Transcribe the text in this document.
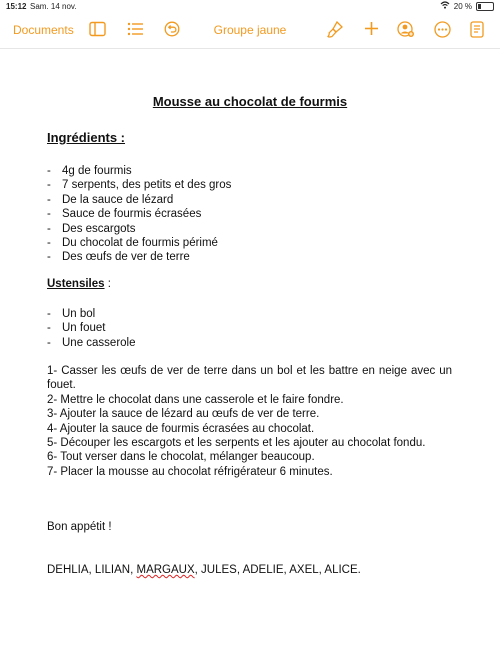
15:12 Sam. 14 nov.	20 %
Documents	Groupe jaune
Mousse au chocolat de fourmis
Ingrédients :
- 4g de fourmis
- 7 serpents, des petits et des gros
- De la sauce de lézard
- Sauce de fourmis écrasées
- Des escargots
- Du chocolat de fourmis périmé
- Des œufs de ver de terre
Ustensiles :
- Un bol
- Un fouet
- Une casserole

1- Casser les œufs de ver de terre dans un bol et les battre en neige avec un fouet.

2- Mettre le chocolat dans une casserole et le faire fondre.

3- Ajouter la sauce de lézard au œufs de ver de terre.

4- Ajouter la sauce de fourmis écrasées au chocolat.

5- Découper les escargots et les serpents et les ajouter au chocolat fondu.

6- Tout verser dans le chocolat, mélanger beaucoup.

7- Placer la mousse au chocolat réfrigérateur 6 minutes.

Bon appétit !
DEHLIA, LILIAN, MARGAUX, JULES, ADELIE, AXEL, ALICE.
